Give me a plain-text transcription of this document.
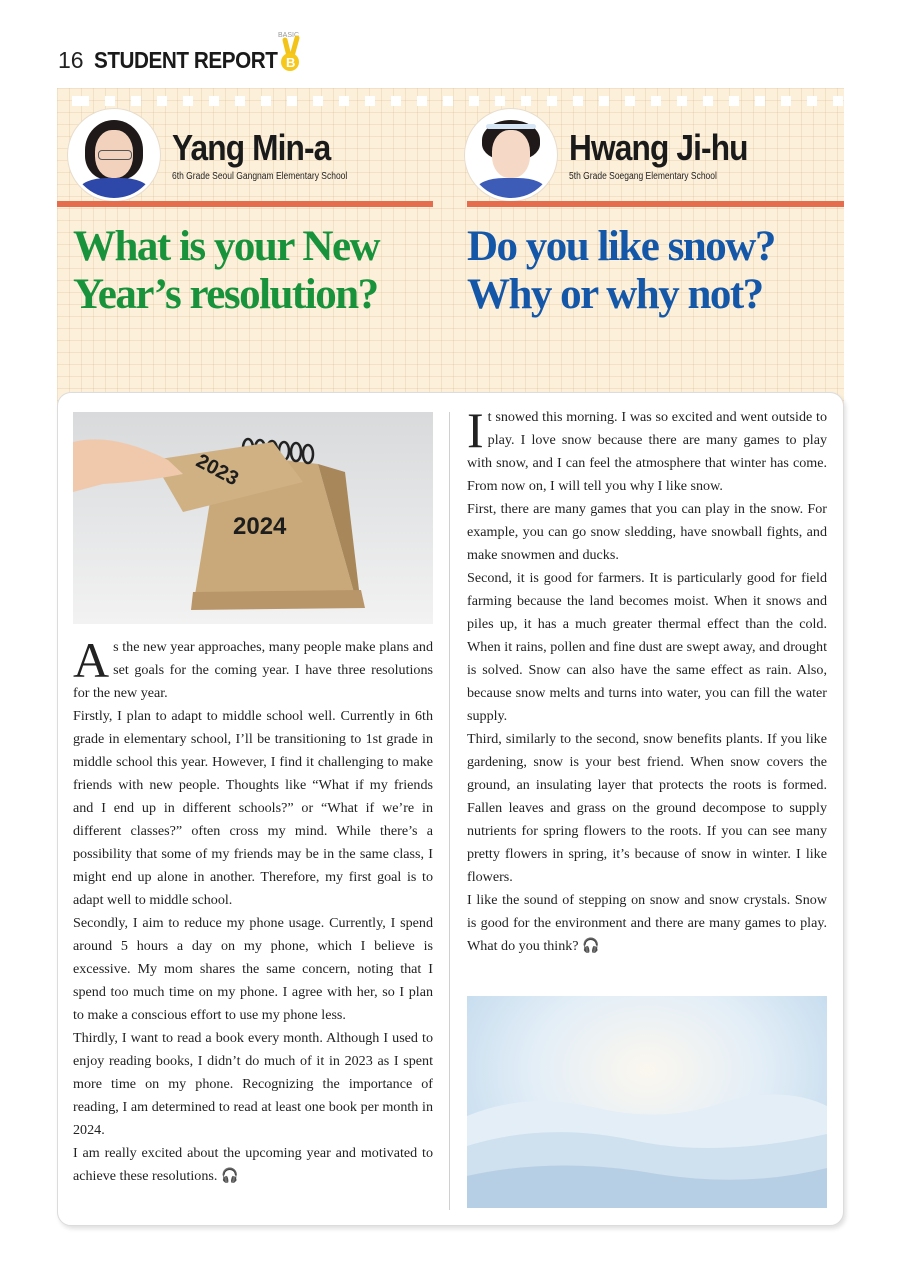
16 STUDENT REPORT
BASIC
B
Yang Min-a
6th Grade Seoul Gangnam Elementary School
Hwang Ji-hu
5th Grade Soegang Elementary School
What is your New
Year’s resolution?
Do you like snow?
Why or why not?
2024
2023

As the new year approaches, many people make plans and set goals for the coming year. I have three resolutions for the new year.

Firstly, I plan to adapt to middle school well. Currently in 6th grade in elementary school, I’ll be transitioning to 1st grade in middle school this year. However, I find it challenging to make friends with new people. Thoughts like “What if my friends and I end up in different schools?” or “What if we’re in different classes?” often cross my mind. While there’s a possibility that some of my friends may be in the same class, I might end up alone in another. Therefore, my first goal is to adapt well to middle school.

Secondly, I aim to reduce my phone usage. Currently, I spend around 5 hours a day on my phone, which I believe is excessive. My mom shares the same concern, noting that I spend too much time on my phone. I agree with her, so I plan to make a conscious effort to use my phone less.

Thirdly, I want to read a book every month. Although I used to enjoy reading books, I didn’t do much of it in 2023 as I spent more time on my phone. Recognizing the importance of reading, I am determined to read at least one book per month in 2024.

I am really excited about the upcoming year and motivated to achieve these resolutions. 🎧

It snowed this morning. I was so excited and went outside to play. I love snow because there are many games to play with snow, and I can feel the atmosphere that winter has come. From now on, I will tell you why I like snow.

First, there are many games that you can play in the snow. For example, you can go snow sledding, have snowball fights, and make snowmen and ducks.

Second, it is good for farmers. It is particularly good for field farming because the land becomes moist. When it snows and piles up, it has a much greater thermal effect than the cold. When it rains, pollen and fine dust are swept away, and drought is solved. Snow can also have the same effect as rain. Also, because snow melts and turns into water, you can fill the water supply.

Third, similarly to the second, snow benefits plants. If you like gardening, snow is your best friend. When snow covers the ground, an insulating layer that protects the roots is formed. Fallen leaves and grass on the ground decompose to supply nutrients for spring flowers to the roots. If you can see many pretty flowers in spring, it’s because of snow in winter. I like flowers.

I like the sound of stepping on snow and snow crystals. Snow is good for the environment and there are many games to play. What do you think? 🎧
